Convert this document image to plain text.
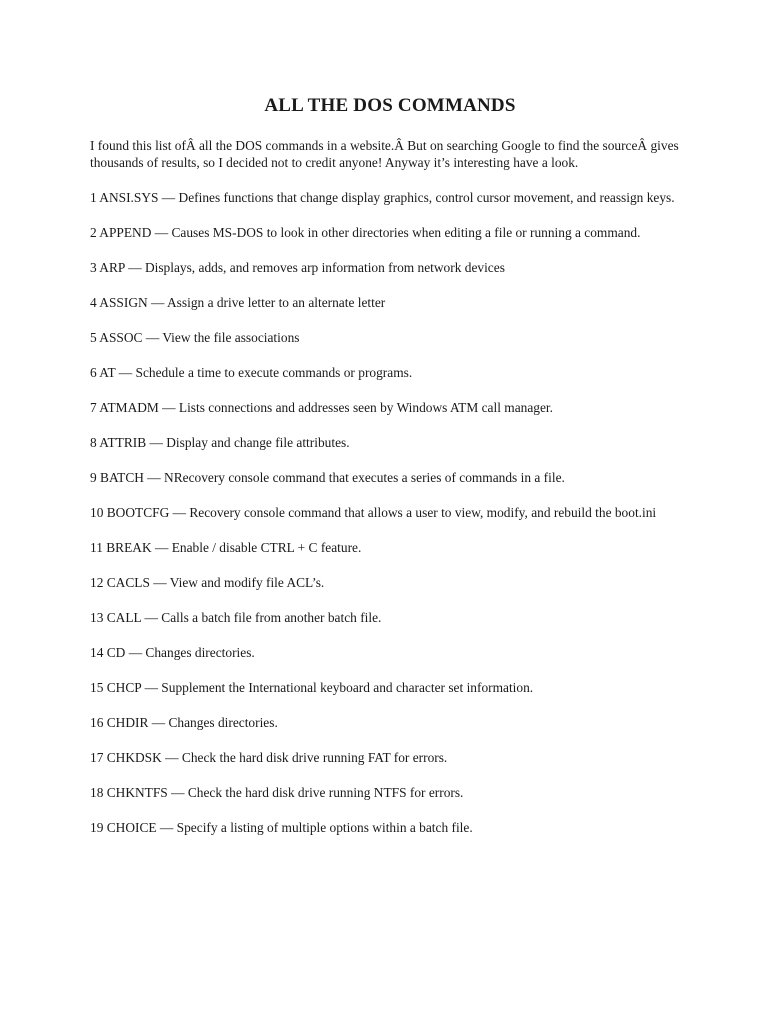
ALL THE DOS COMMANDS

I found this list ofÂ all the DOS commands in a website.Â But on searching Google to find the sourceÂ gives thousands of results, so I decided not to credit anyone! Anyway it’s interesting have a look.

1 ANSI.SYS — Defines functions that change display graphics, control cursor movement, and reassign keys.
2 APPEND — Causes MS-DOS to look in other directories when editing a file or running a command.
3 ARP — Displays, adds, and removes arp information from network devices
4 ASSIGN — Assign a drive letter to an alternate letter
5 ASSOC — View the file associations
6 AT — Schedule a time to execute commands or programs.
7 ATMADM — Lists connections and addresses seen by Windows ATM call manager.
8 ATTRIB — Display and change file attributes.
9 BATCH — NRecovery console command that executes a series of commands in a file.
10 BOOTCFG — Recovery console command that allows a user to view, modify, and rebuild the boot.ini
11 BREAK — Enable / disable CTRL + C feature.
12 CACLS — View and modify file ACL’s.
13 CALL — Calls a batch file from another batch file.
14 CD — Changes directories.
15 CHCP — Supplement the International keyboard and character set information.
16 CHDIR — Changes directories.
17 CHKDSK — Check the hard disk drive running FAT for errors.
18 CHKNTFS — Check the hard disk drive running NTFS for errors.
19 CHOICE — Specify a listing of multiple options within a batch file.
